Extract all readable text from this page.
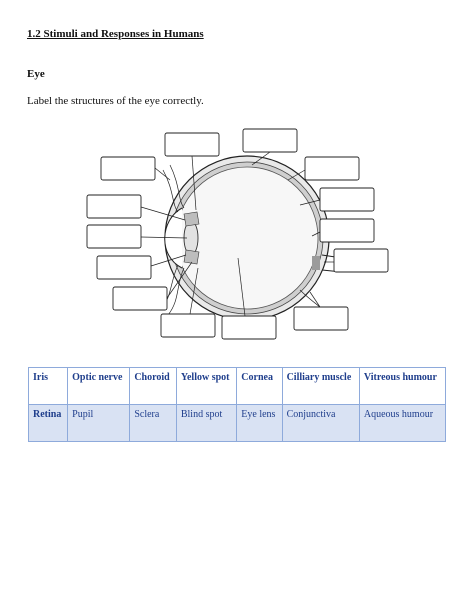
1.2 Stimuli and Responses in Humans
Eye
Label the structures of the eye correctly.
Iris	Optic nerve	Choroid	Yellow spot	Cornea	Cilliary muscle	Vitreous humour
Retina	Pupil	Sclera	Blind spot	Eye lens	Conjunctiva	Aqueous humour
